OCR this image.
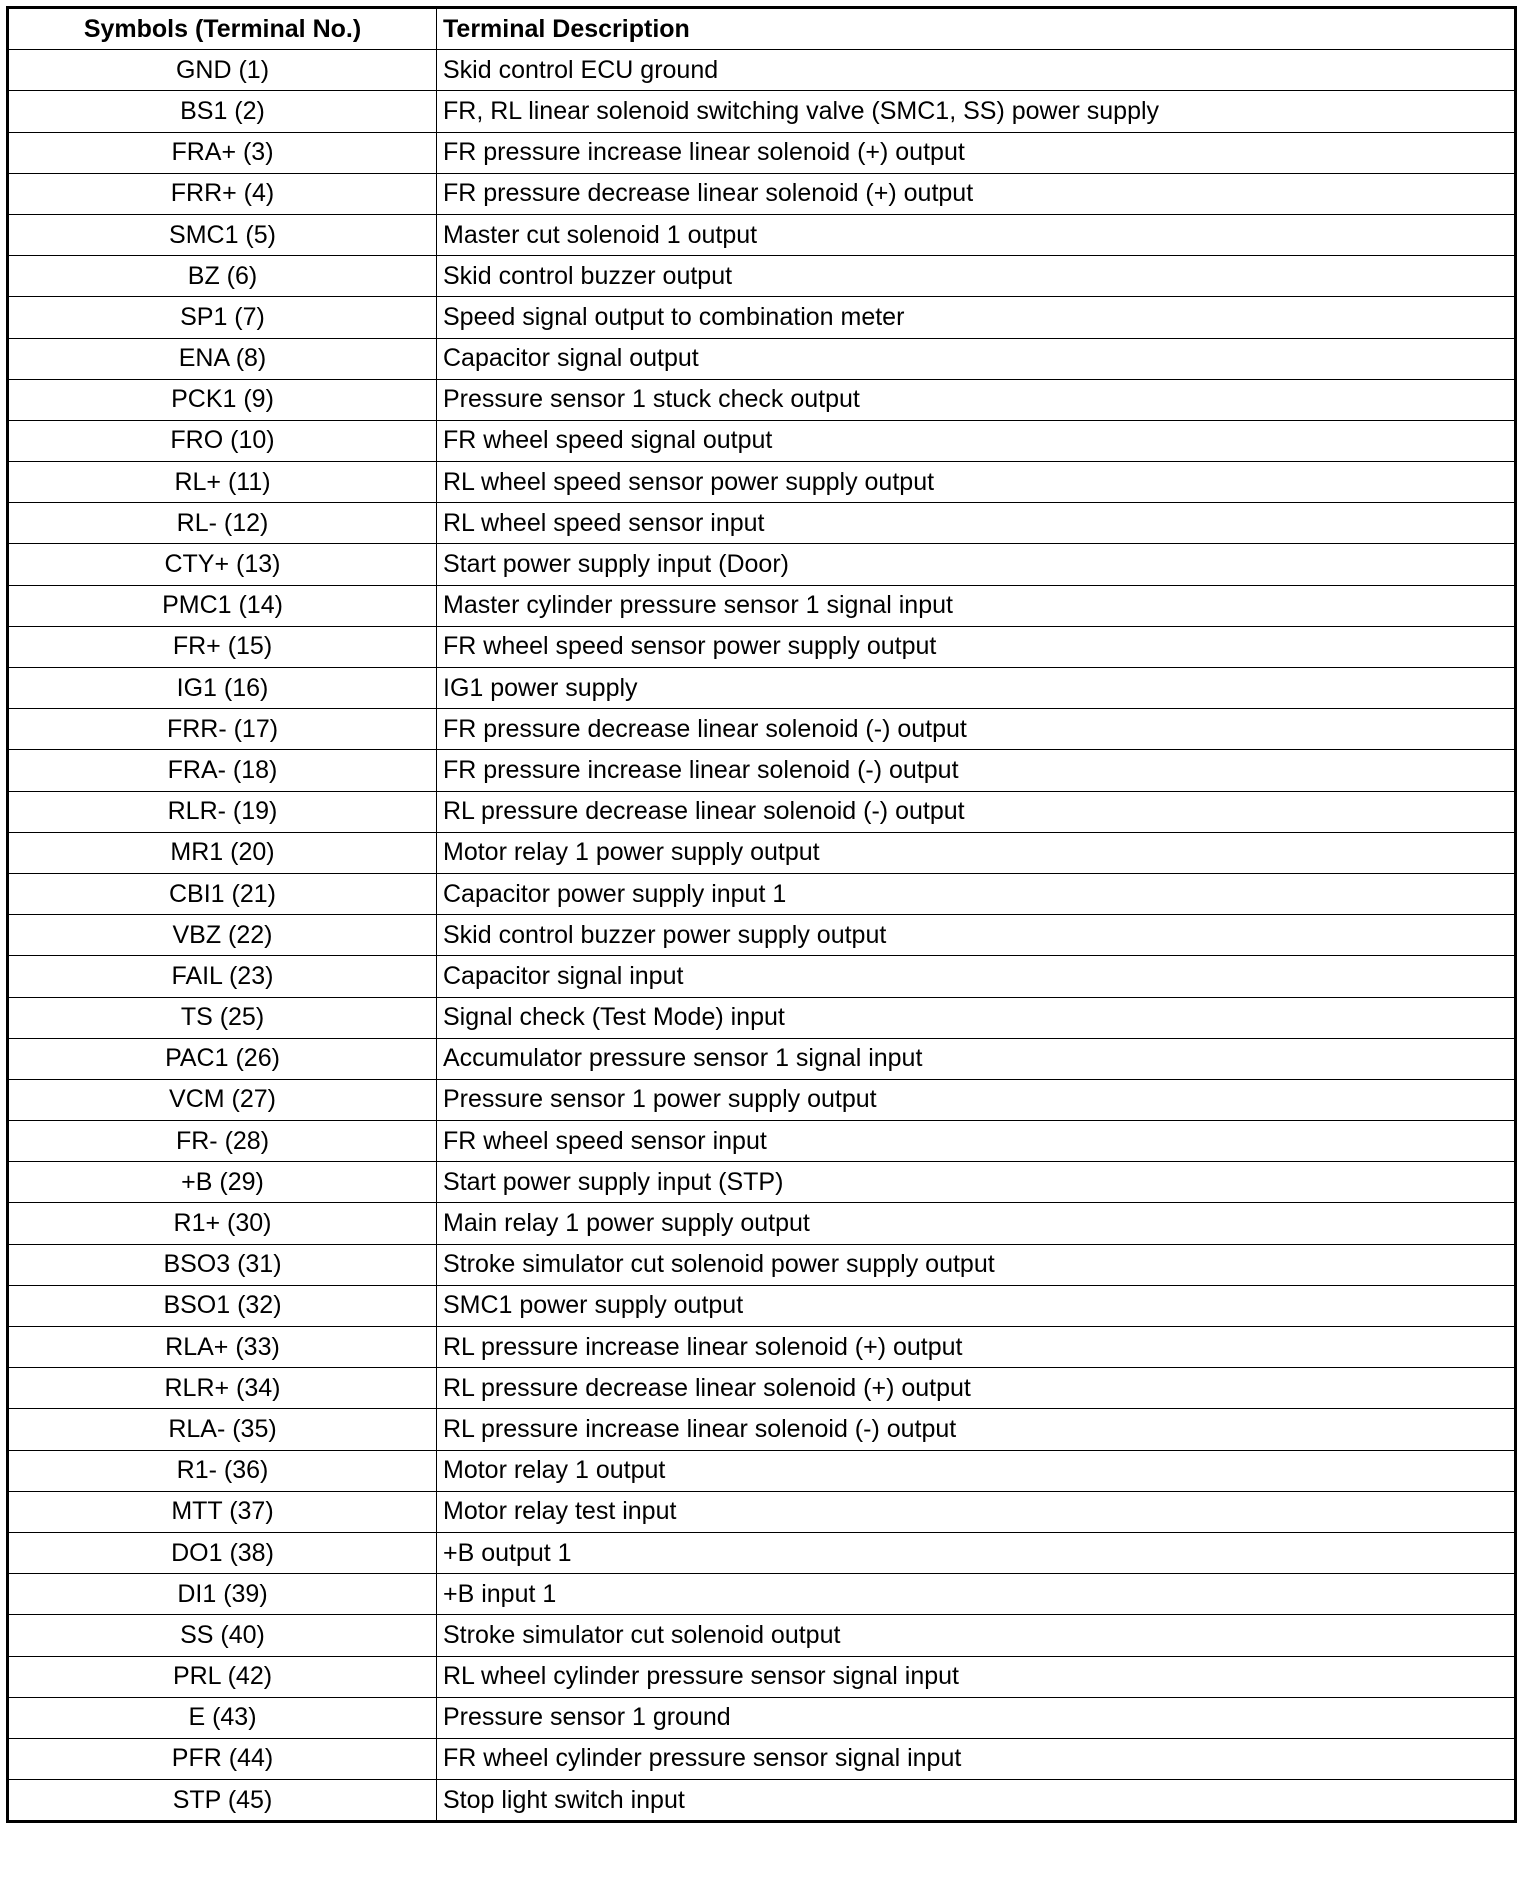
Symbols (Terminal No.)	Terminal Description
GND (1)	Skid control ECU ground
BS1 (2)	FR, RL linear solenoid switching valve (SMC1, SS) power supply
FRA+ (3)	FR pressure increase linear solenoid (+) output
FRR+ (4)	FR pressure decrease linear solenoid (+) output
SMC1 (5)	Master cut solenoid 1 output
BZ (6)	Skid control buzzer output
SP1 (7)	Speed signal output to combination meter
ENA (8)	Capacitor signal output
PCK1 (9)	Pressure sensor 1 stuck check output
FRO (10)	FR wheel speed signal output
RL+ (11)	RL wheel speed sensor power supply output
RL- (12)	RL wheel speed sensor input
CTY+ (13)	Start power supply input (Door)
PMC1 (14)	Master cylinder pressure sensor 1 signal input
FR+ (15)	FR wheel speed sensor power supply output
IG1 (16)	IG1 power supply
FRR- (17)	FR pressure decrease linear solenoid (-) output
FRA- (18)	FR pressure increase linear solenoid (-) output
RLR- (19)	RL pressure decrease linear solenoid (-) output
MR1 (20)	Motor relay 1 power supply output
CBI1 (21)	Capacitor power supply input 1
VBZ (22)	Skid control buzzer power supply output
FAIL (23)	Capacitor signal input
TS (25)	Signal check (Test Mode) input
PAC1 (26)	Accumulator pressure sensor 1 signal input
VCM (27)	Pressure sensor 1 power supply output
FR- (28)	FR wheel speed sensor input
+B (29)	Start power supply input (STP)
R1+ (30)	Main relay 1 power supply output
BSO3 (31)	Stroke simulator cut solenoid power supply output
BSO1 (32)	SMC1 power supply output
RLA+ (33)	RL pressure increase linear solenoid (+) output
RLR+ (34)	RL pressure decrease linear solenoid (+) output
RLA- (35)	RL pressure increase linear solenoid (-) output
R1- (36)	Motor relay 1 output
MTT (37)	Motor relay test input
DO1 (38)	+B output 1
DI1 (39)	+B input 1
SS (40)	Stroke simulator cut solenoid output
PRL (42)	RL wheel cylinder pressure sensor signal input
E (43)	Pressure sensor 1 ground
PFR (44)	FR wheel cylinder pressure sensor signal input
STP (45)	Stop light switch input
